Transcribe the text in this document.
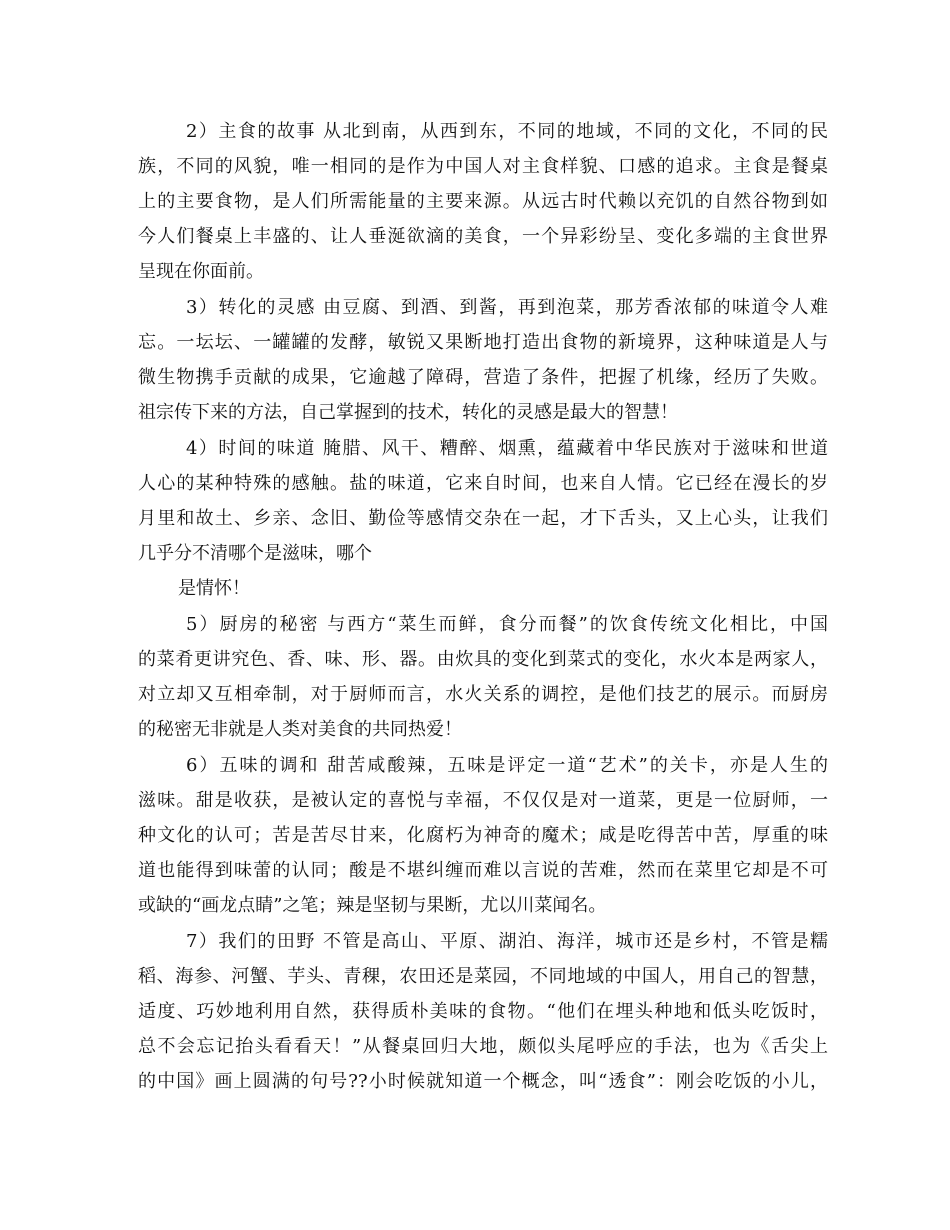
2）主食的故事 从北到南，从西到东，不同的地域，不同的文化，不同的民
族，不同的风貌，唯一相同的是作为中国人对主食样貌、口感的追求。主食是餐桌
上的主要食物，是人们所需能量的主要来源。从远古时代赖以充饥的自然谷物到如
今人们餐桌上丰盛的、让人垂涎欲滴的美食，一个异彩纷呈、变化多端的主食世界
呈现在你面前。
3）转化的灵感 由豆腐、到酒、到酱，再到泡菜，那芳香浓郁的味道令人难
忘。一坛坛、一罐罐的发酵，敏锐又果断地打造出食物的新境界，这种味道是人与
微生物携手贡献的成果，它逾越了障碍，营造了条件，把握了机缘，经历了失败。
祖宗传下来的方法，自己掌握到的技术，转化的灵感是最大的智慧！
4）时间的味道 腌腊、风干、糟醉、烟熏，蕴藏着中华民族对于滋味和世道
人心的某种特殊的感触。盐的味道，它来自时间，也来自人情。它已经在漫长的岁
月里和故土、乡亲、念旧、勤俭等感情交杂在一起，才下舌头，又上心头，让我们
几乎分不清哪个是滋味，哪个
是情怀！
5）厨房的秘密 与西方“菜生而鲜，食分而餐”的饮食传统文化相比，中国
的菜肴更讲究色、香、味、形、器。由炊具的变化到菜式的变化，水火本是两家人，
对立却又互相牵制，对于厨师而言，水火关系的调控，是他们技艺的展示。而厨房
的秘密无非就是人类对美食的共同热爱！
6）五味的调和 甜苦咸酸辣，五味是评定一道“艺术”的关卡，亦是人生的
滋味。甜是收获，是被认定的喜悦与幸福，不仅仅是对一道菜，更是一位厨师，一
种文化的认可；苦是苦尽甘来，化腐朽为神奇的魔术；咸是吃得苦中苦，厚重的味
道也能得到味蕾的认同；酸是不堪纠缠而难以言说的苦难，然而在菜里它却是不可
或缺的“画龙点睛”之笔；辣是坚韧与果断，尤以川菜闻名。
7）我们的田野 不管是高山、平原、湖泊、海洋，城市还是乡村，不管是糯
稻、海参、河蟹、芋头、青稞，农田还是菜园，不同地域的中国人，用自己的智慧，
适度、巧妙地利用自然，获得质朴美味的食物。“他们在埋头种地和低头吃饭时，
总不会忘记抬头看看天！”从餐桌回归大地，颇似头尾呼应的手法，也为《舌尖上
的中国》画上圆满的句号??小时候就知道一个概念，叫“透食”：刚会吃饭的小儿，
